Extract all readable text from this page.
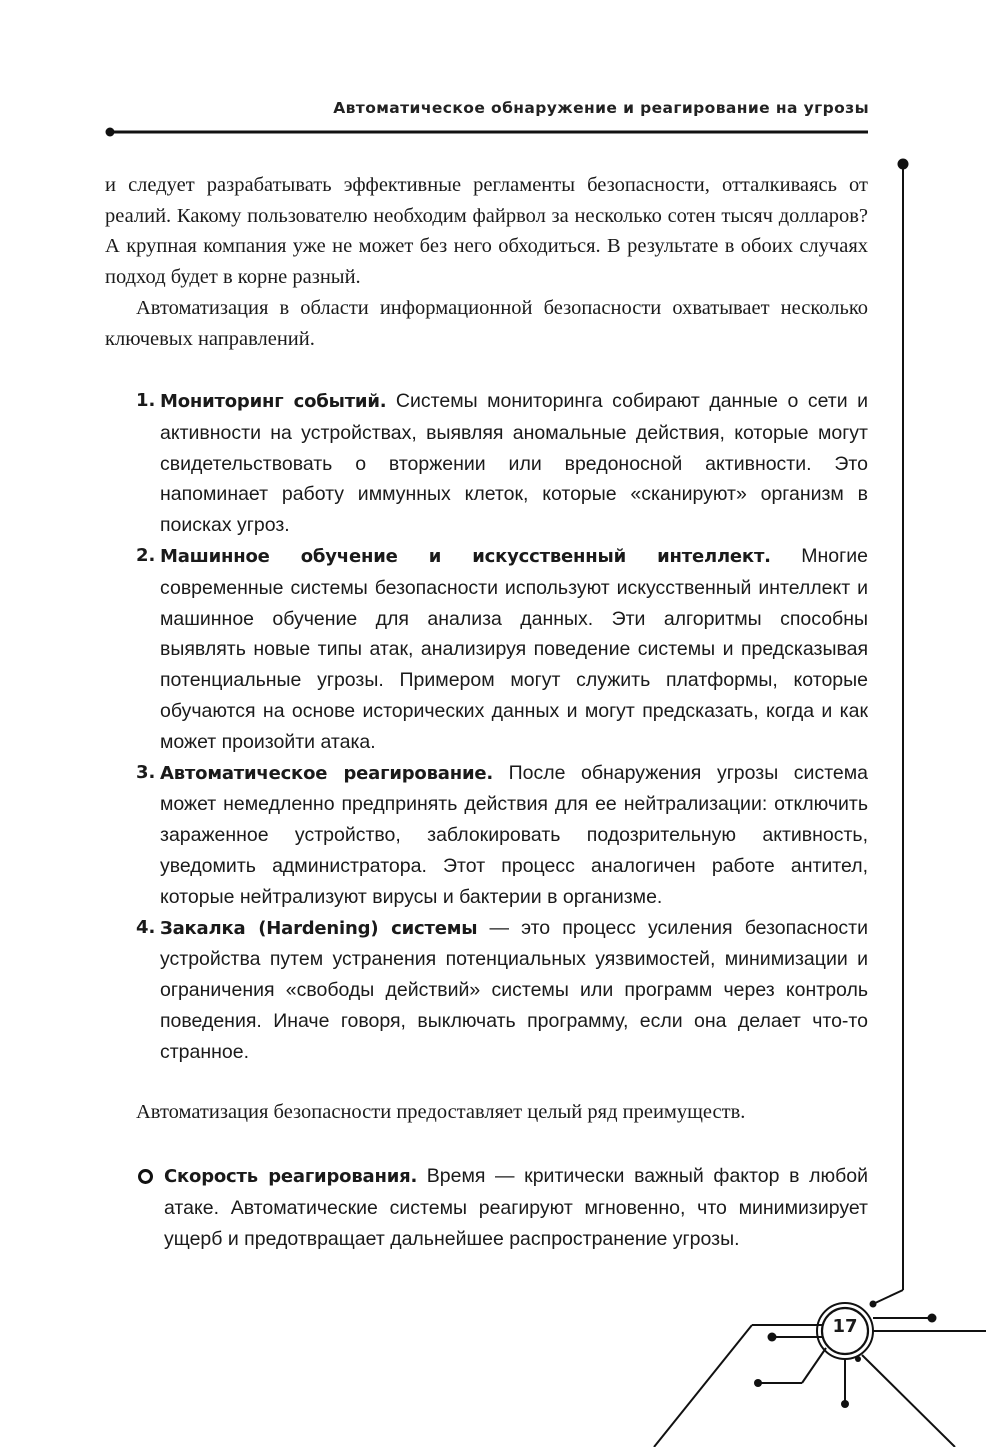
Автоматическое обнаружение и реагирование на угрозы

и следует разрабатывать эффективные регламенты безопасности, отталкиваясь от реалий. Какому пользователю необходим файрвол за несколько сотен тысяч долларов? А крупная компания уже не может без него обходиться. В результате в обоих случаях подход будет в корне разный.

Автоматизация в области информационной безопасности охватывает несколько ключевых направлений.

1. Мониторинг событий. Системы мониторинга собирают данные о сети и активности на устройствах, выявляя аномальные действия, которые могут свидетельствовать о вторжении или вредоносной активности. Это напоминает работу иммунных клеток, которые «сканируют» организм в поисках угроз.
2. Машинное обучение и искусственный интеллект. Многие современные системы безопасности используют искусственный интеллект и машинное обучение для анализа данных. Эти алгоритмы способны выявлять новые типы атак, анализируя поведение системы и предсказывая потенциальные угрозы. Примером могут служить платформы, которые обучаются на основе исторических данных и могут предсказать, когда и как может произойти атака.
3. Автоматическое реагирование. После обнаружения угрозы система может немедленно предпринять действия для ее нейтрализации: отключить зараженное устройство, заблокировать подозрительную активность, уведомить администратора. Этот процесс аналогичен работе антител, которые нейтрализуют вирусы и бактерии в организме.
4. Закалка (Hardening) системы — это процесс усиления безопасности устройства путем устранения потенциальных уязвимостей, минимизации и ограничения «свободы действий» системы или программ через контроль поведения. Иначе говоря, выключать программу, если она делает что-то странное.

Автоматизация безопасности предоставляет целый ряд преимуществ.

Скорость реагирования. Время — критически важный фактор в любой атаке. Автоматические системы реагируют мгновенно, что минимизирует ущерб и предотвращает дальнейшее распространение угрозы.
17
